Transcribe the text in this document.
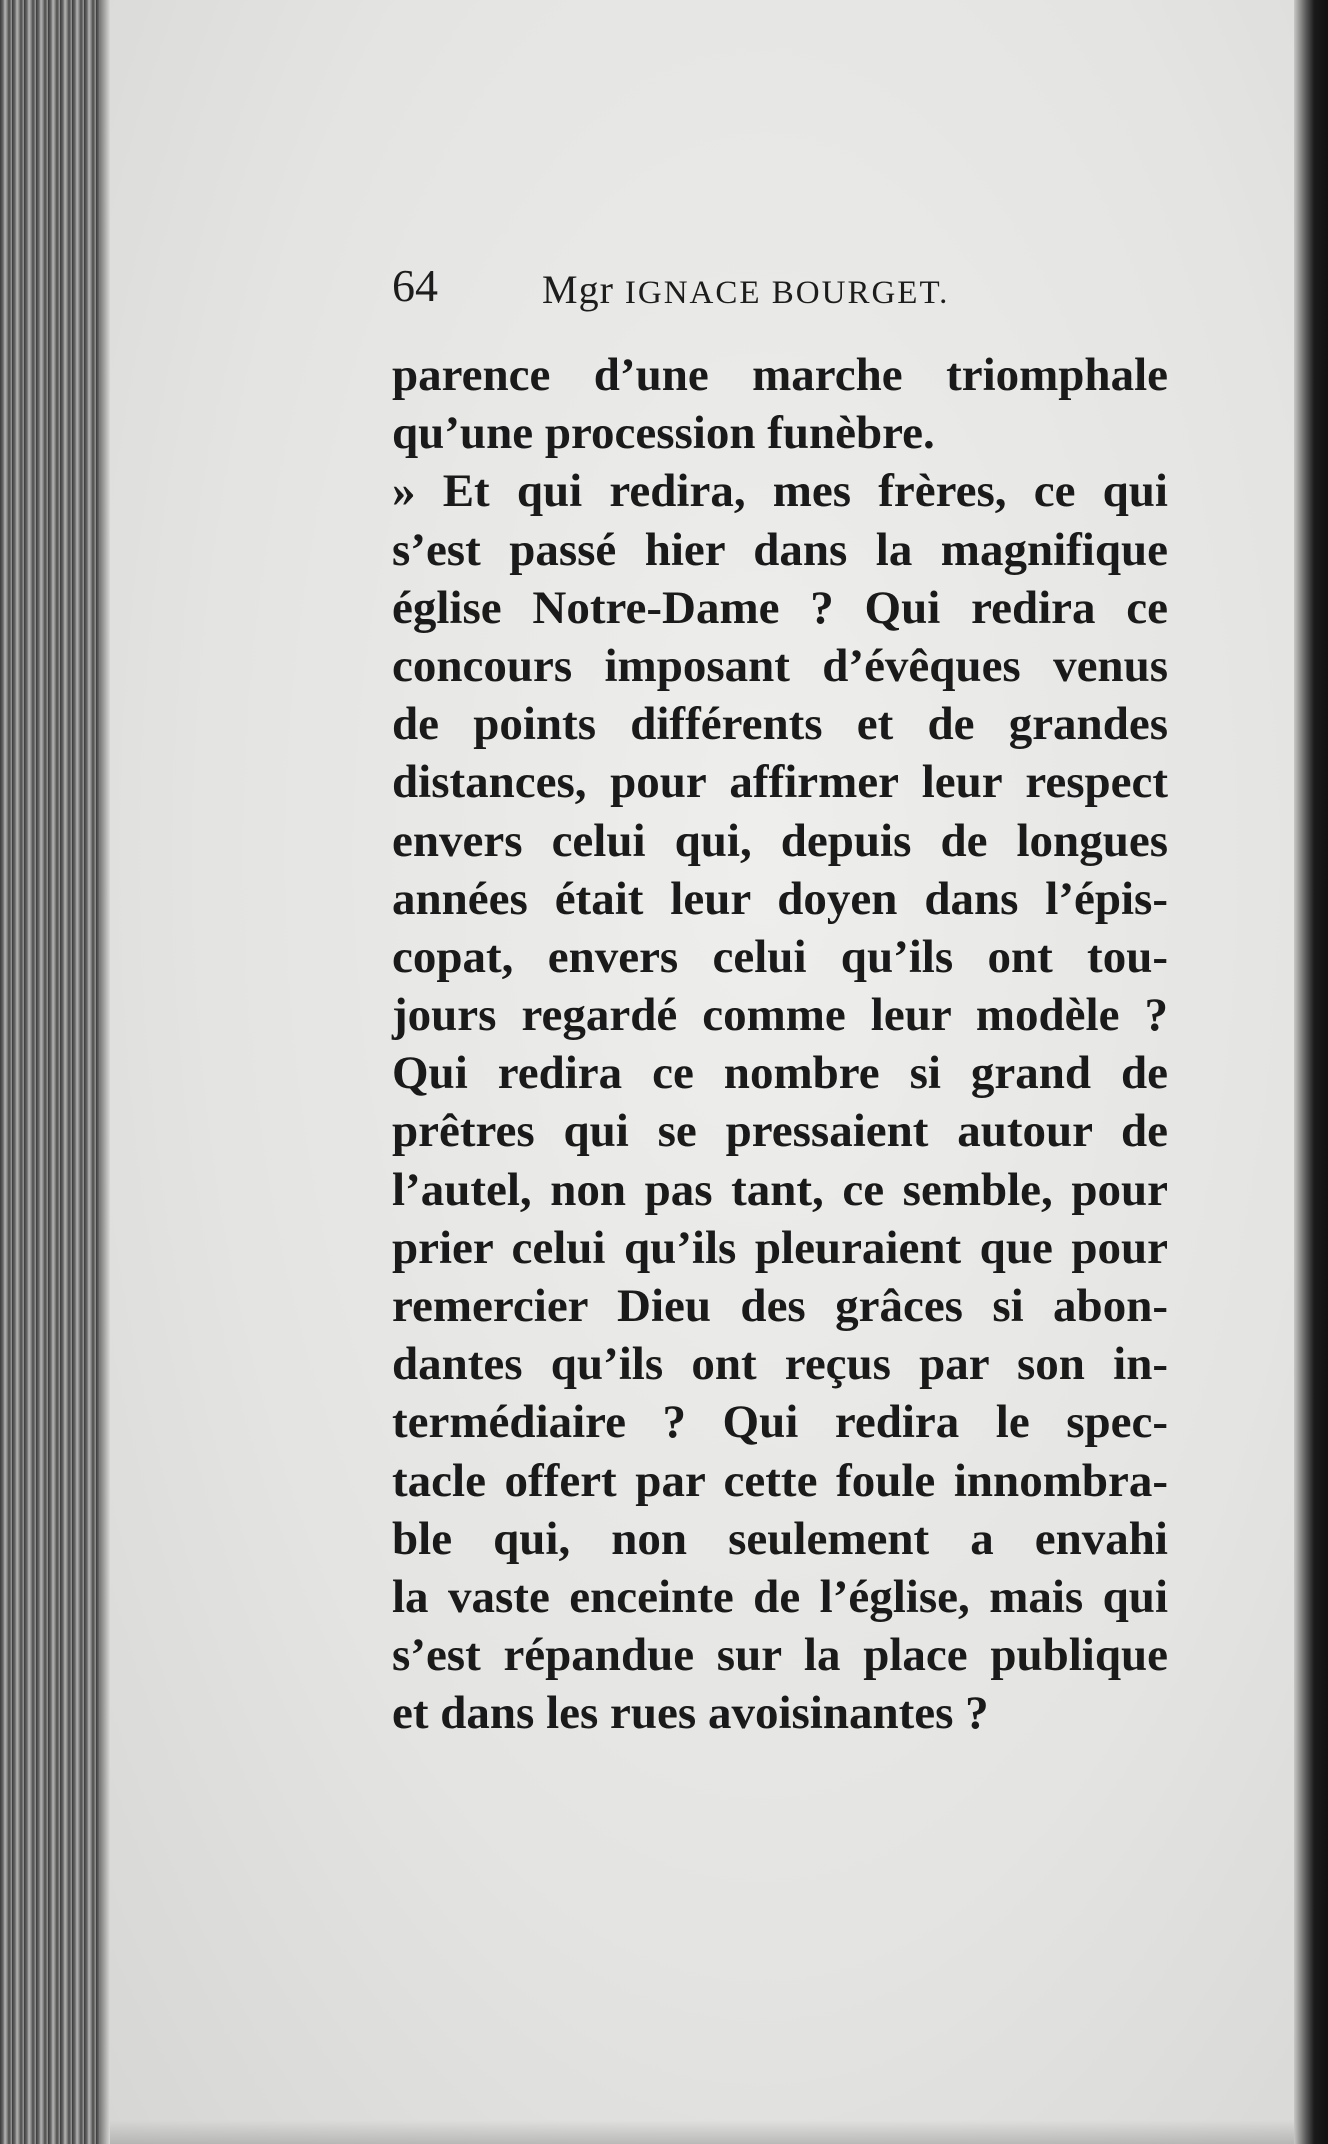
64	Mgr IGNACE BOURGET.
parence d’une marche triomphale
qu’une procession funèbre.
» Et qui redira, mes frères, ce qui
s’est passé hier dans la magnifique
église Notre-Dame ? Qui redira ce
concours imposant d’évêques venus
de points différents et de grandes
distances, pour affirmer leur respect
envers celui qui, depuis de longues
années était leur doyen dans l’épis-
copat, envers celui qu’ils ont tou-
jours regardé comme leur modèle ?
Qui redira ce nombre si grand de
prêtres qui se pressaient autour de
l’autel, non pas tant, ce semble, pour
prier celui qu’ils pleuraient que pour
remercier Dieu des grâces si abon-
dantes qu’ils ont reçus par son in-
termédiaire ? Qui redira le spec-
tacle offert par cette foule innombra-
ble qui, non seulement a envahi
la vaste enceinte de l’église, mais qui
s’est répandue sur la place publique
et dans les rues avoisinantes ?
